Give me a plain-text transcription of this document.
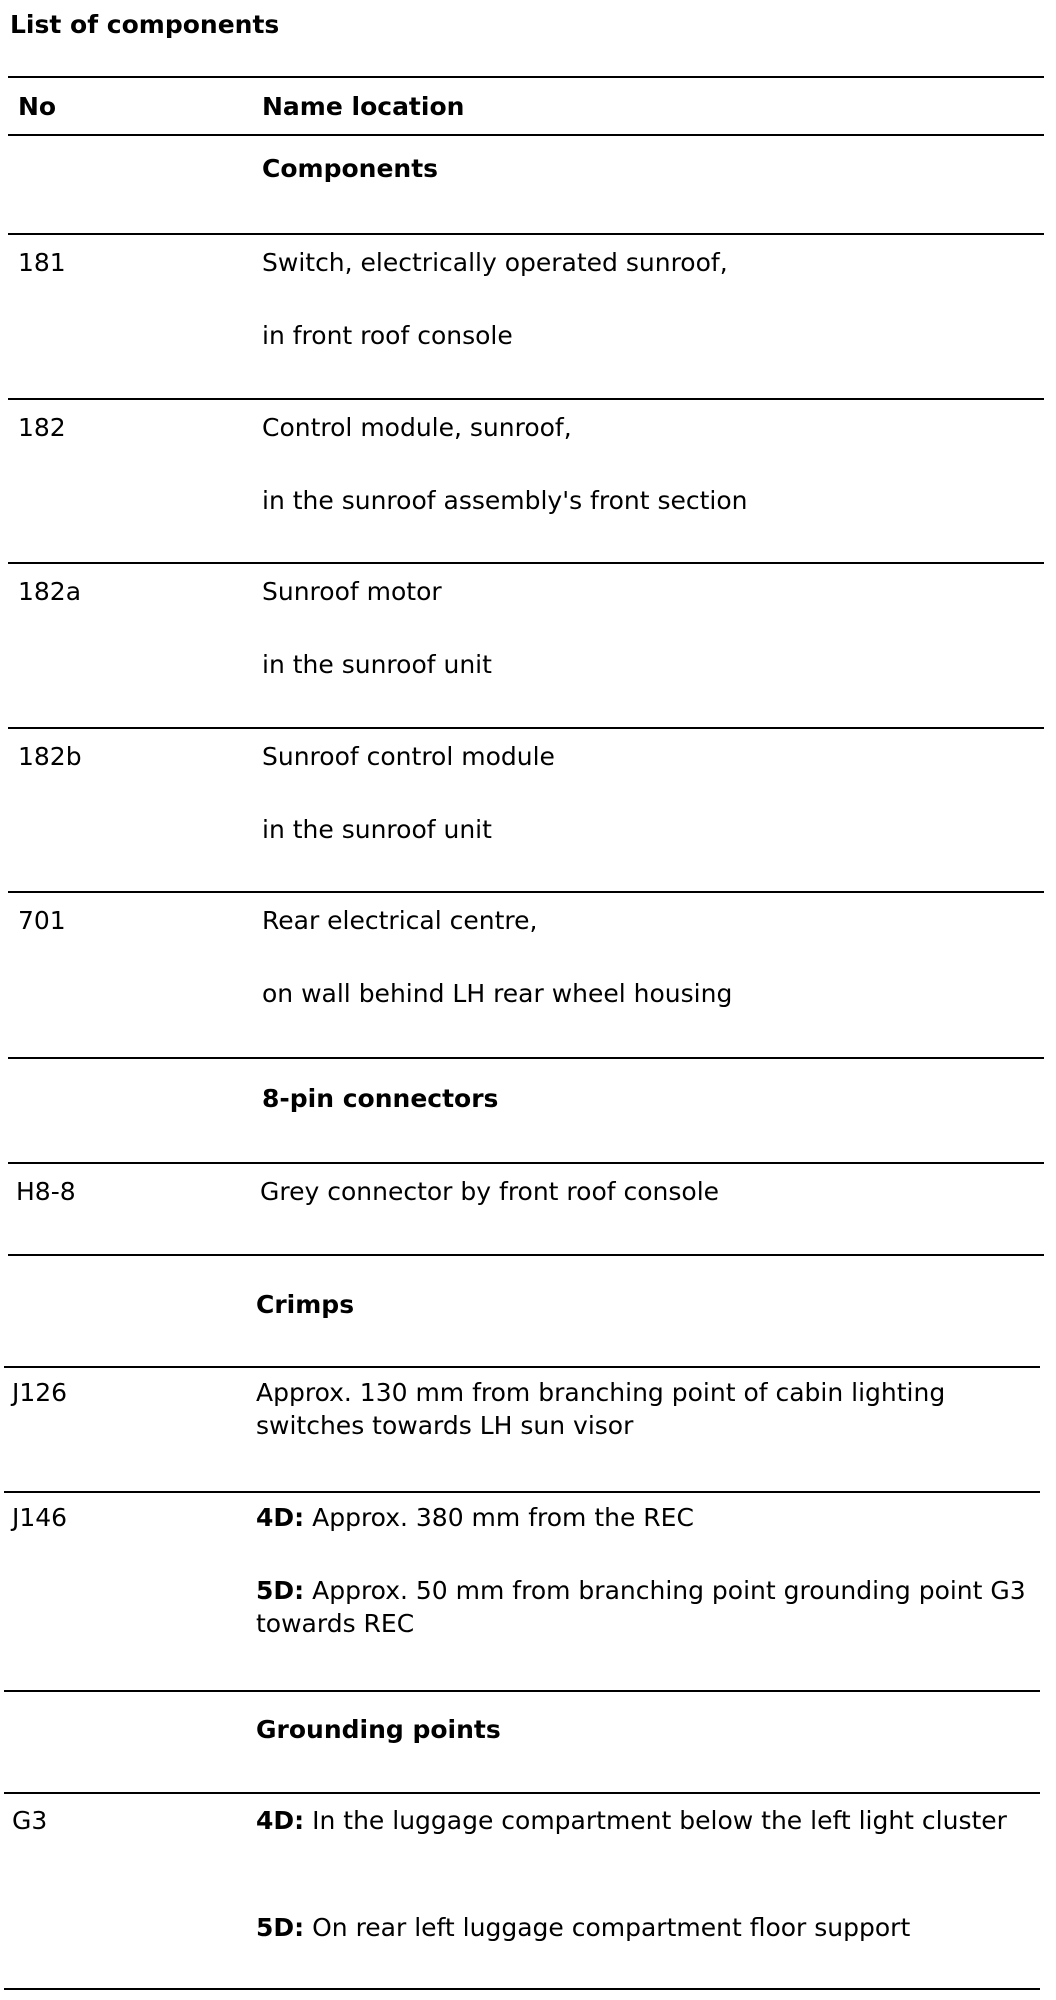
List of components
No	Name location
Components
181	Switch, electrically operated sunroof,
in front roof console
182	Control module, sunroof,
in the sunroof assembly's front section
182a	Sunroof motor
in the sunroof unit
182b	Sunroof control module
in the sunroof unit
701	Rear electrical centre,
on wall behind LH rear wheel housing
8-pin connectors
H8-8	Grey connector by front roof console
Crimps
J126	Approx. 130 mm from branching point of cabin lighting switches towards LH sun visor
J146	4D: Approx. 380 mm from the REC
5D: Approx. 50 mm from branching point grounding point G3 towards REC
Grounding points
G3	4D: In the luggage compartment below the left light cluster
5D: On rear left luggage compartment floor support
